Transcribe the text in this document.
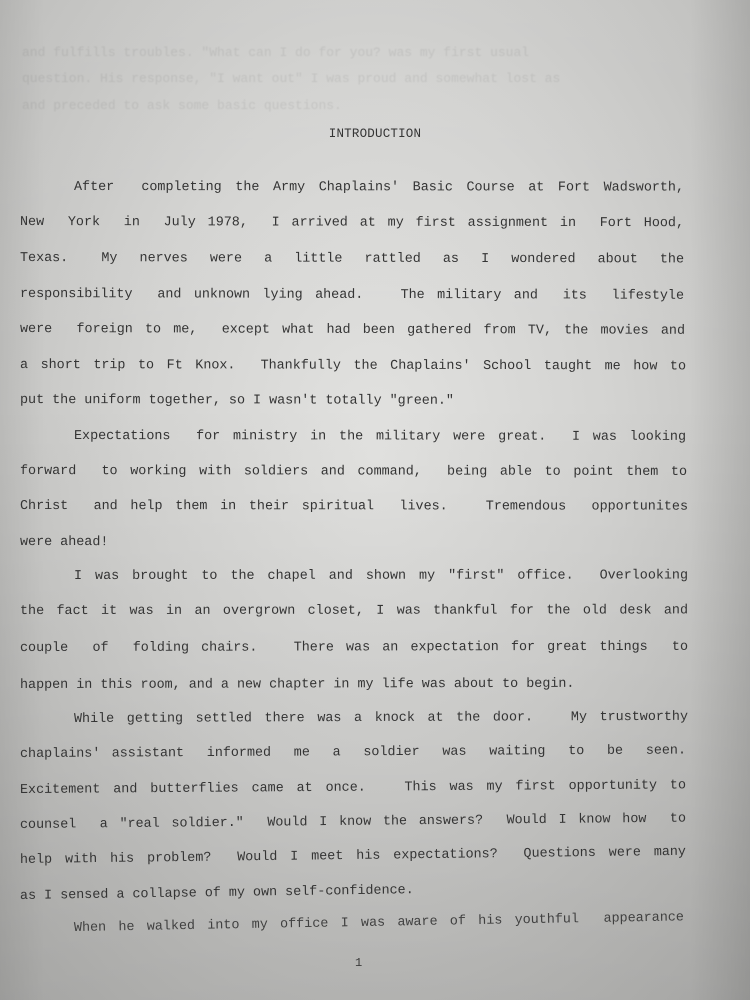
and fulfills troubles. "What can I do for you? was my first usual
question. His response, "I want out" I was proud and somewhat lost as
and preceded to ask some basic questions.
INTRODUCTION
After  completing the Army Chaplains' Basic Course at Fort Wadsworth,
New  York  in  July 1978,  I arrived at my first assignment in  Fort Hood,
Texas.   My  nerves  were  a  little  rattled  as  I  wondered  about  the
responsibility  and unknown lying ahead.   The military and  its  lifestyle
were  foreign to me,  except what had been gathered from TV, the movies and
a short trip to Ft Knox.  Thankfully the Chaplains' School taught me how to
put the uniform together, so I wasn't totally "green."
Expectations  for ministry in the military were great.  I was looking
forward  to working with soldiers and command,  being able to point them to
Christ  and help them in their spiritual  lives.   Tremendous  opportunites
were ahead!
I was brought to the chapel and shown my "first" office.  Overlooking
the fact it was in an overgrown closet, I was thankful for the old desk and
couple  of  folding chairs.   There was an expectation for great things  to
happen in this room, and a new chapter in my life was about to begin.
While getting settled there was a knock at the door.   My trustworthy
chaplains' assistant  informed  me  a  soldier  was  waiting  to  be  seen.
Excitement and butterflies came at once.   This was my first opportunity to
counsel  a "real soldier."  Would I know the answers?  Would I know how  to
help with his problem?  Would I meet his expectations?  Questions were many
as I sensed a collapse of my own self-confidence.
When he walked into my office I was aware of his youthful  appearance
1
